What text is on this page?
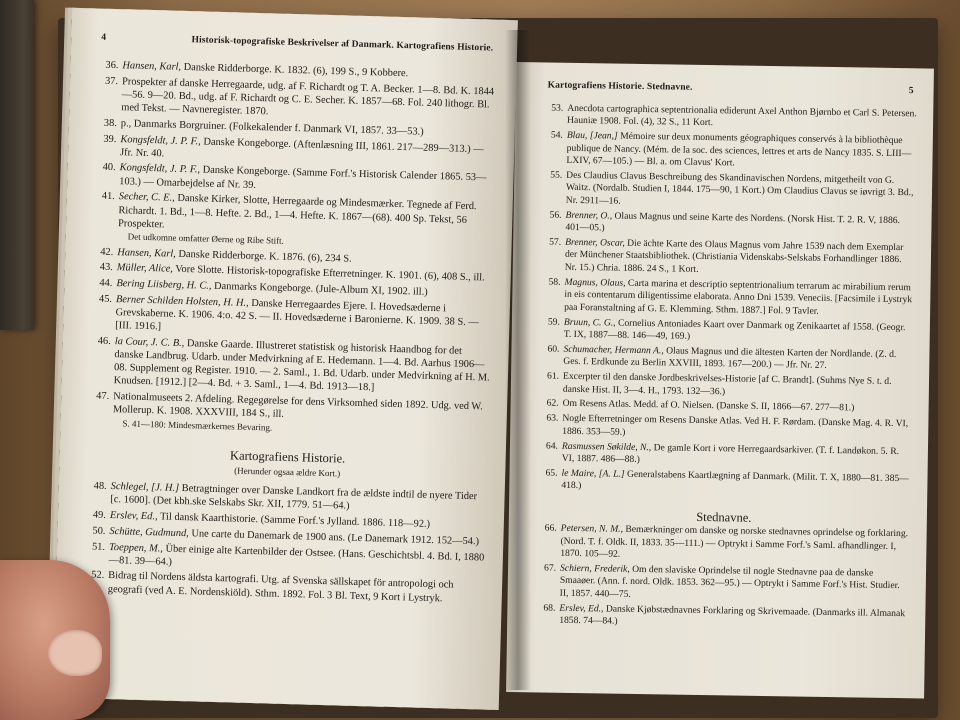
4	Historisk-topografiske Beskrivelser af Danmark. Kartografiens Historie.
36. Hansen, Karl, Danske Ridderborge. K. 1832. (6), 199 S., 9 Kobbere.
37. Prospekter af danske Herregaarde, udg. af F. Richardt og T. A. Becker. 1—8. Bd. K. 1844—56. 9—20. Bd., udg. af F. Richardt og C. E. Secher. K. 1857—68. Fol. 240 lithogr. Bl. med Tekst. — Navneregister. 1870.
38. p., Danmarks Borgruiner. (Folkekalender f. Danmark VI, 1857. 33—53.)
39. Kongsfeldt, J. P. F., Danske Kongeborge. (Aftenlæsning III, 1861. 217—289—313.) — Jfr. Nr. 40.
40. Kongsfeldt, J. P. F., Danske Kongeborge. (Samme Forf.'s Historisk Calender 1865. 53—103.) — Omarbejdelse af Nr. 39.
41. Secher, C. E., Danske Kirker, Slotte, Herregaarde og Mindesmærker. Tegnede af Ferd. Richardt. 1. Bd., 1—8. Hefte. 2. Bd., 1—4. Hefte. K. 1867—(68). 400 Sp. Tekst, 56 Prospekter.
Det udkomne omfatter Øerne og Ribe Stift.
42. Hansen, Karl, Danske Ridderborge. K. 1876. (6), 234 S.
43. Müller, Alice, Vore Slotte. Historisk-topografiske Efterretninger. K. 1901. (6), 408 S., ill.
44. Bering Liisberg, H. C., Danmarks Kongeborge. (Jule-Album XI, 1902. ill.)
45. Berner Schilden Holsten, H. H., Danske Herregaardes Ejere. I. Hovedsæderne i Grevskaberne. K. 1906. 4:o. 42 S. — II. Hovedsæderne i Baronierne. K. 1909. 38 S. — [III. 1916.]
46. la Cour, J. C. B., Danske Gaarde. Illustreret statistisk og historisk Haandbog for det danske Landbrug. Udarb. under Medvirkning af E. Hedemann. 1—4. Bd. Aarhus 1906—08. Supplement og Register. 1910. — 2. Saml., 1. Bd. Udarb. under Medvirkning af H. M. Knudsen. [1912.] [2—4. Bd. + 3. Saml., 1—4. Bd. 1913—18.]
47. Nationalmuseets 2. Afdeling. Regegørelse for dens Virksomhed siden 1892. Udg. ved W. Mollerup. K. 1908. XXXVIII, 184 S., ill.
S. 41—180: Mindesmærkernes Bevaring.
Kartografiens Historie.
(Herunder ogsaa ældre Kort.)
48. Schlegel, [J. H.] Betragtninger over Danske Landkort fra de ældste indtil de nyere Tider [c. 1600]. (Det kbh.ske Selskabs Skr. XII, 1779. 51—64.)
49. Erslev, Ed., Til dansk Kaarthistorie. (Samme Forf.'s Jylland. 1886. 118—92.)
50. Schütte, Gudmund, Une carte du Danemark de 1900 ans. (Le Danemark 1912. 152—54.)
51. Toeppen, M., Über einige alte Kartenbilder der Ostsee. (Hans. Geschichtsbl. 4. Bd. I, 1880—81. 39—64.)
52. Bidrag til Nordens äldsta kartografi. Utg. af Svenska sällskapet för antropologi och geografi (ved A. E. Nordenskiöld). Sthm. 1892. Fol. 3 Bl. Text, 9 Kort i Lystryk.
Kartografiens Historie. Stednavne.	5
53. Anecdota cartographica septentrionalia ediderunt Axel Anthon Bjørnbo et Carl S. Petersen. Hauniæ 1908. Fol. (4), 32 S., 11 Kort.
54. Blau, [Jean,] Mémoire sur deux monuments géographiques conservés à la bibliothèque publique de Nancy. (Mém. de la soc. des sciences, lettres et arts de Nancy 1835. S. LIII—LXIV, 67—105.) — Bl. a. om Clavus' Kort.
55. Des Claudius Clavus Beschreibung des Skandinavischen Nordens, mitgetheilt von G. Waitz. (Nordalb. Studien I, 1844. 175—90, 1 Kort.) Om Claudius Clavus se iøvrigt 3. Bd., Nr. 2911—16.
56. Brenner, O., Olaus Magnus und seine Karte des Nordens. (Norsk Hist. T. 2. R. V, 1886. 401—05.)
57. Brenner, Oscar, Die ächte Karte des Olaus Magnus vom Jahre 1539 nach dem Exemplar der Münchener Staatsbibliothek. (Christiania Videnskabs-Selskabs Forhandlinger 1886. Nr. 15.) Chria. 1886. 24 S., 1 Kort.
58. Magnus, Olaus, Carta marina et descriptio septentrionalium terrarum ac mirabilium rerum in eis contentarum diligentissime elaborata. Anno Dni 1539. Veneciis. [Facsimile i Lystryk paa Foranstaltning af G. E. Klemming. Sthm. 1887.] Fol. 9 Tavler.
59. Bruun, C. G., Cornelius Antoniades Kaart over Danmark og Zenikaartet af 1558. (Geogr. T. IX, 1887—88. 146—49, 169.)
60. Schumacher, Hermann A., Olaus Magnus und die ältesten Karten der Nordlande. (Z. d. Ges. f. Erdkunde zu Berlin XXVIII, 1893. 167—200.) — Jfr. Nr. 27.
61. Excerpter til den danske Jordbeskrivelses-Historie [af C. Brandt]. (Suhms Nye S. t. d. danske Hist. II, 3—4. H., 1793. 132—36.)
62. Om Resens Atlas. Medd. af O. Nielsen. (Danske S. II, 1866—67. 277—81.)
63. Nogle Efterretninger om Resens Danske Atlas. Ved H. F. Rørdam. (Danske Mag. 4. R. VI, 1886. 353—59.)
64. Rasmussen Søkilde, N., De gamle Kort i vore Herregaardsarkiver. (T. f. Landøkon. 5. R. VI, 1887. 486—88.)
65. le Maire, [A. L.] Generalstabens Kaartlægning af Danmark. (Milit. T. X, 1880—81. 385—418.)
Stednavne.
66. Petersen, N. M., Bemærkninger om danske og norske stednavnes oprindelse og forklaring. (Nord. T. f. Oldk. II, 1833. 35—111.) — Optrykt i Samme Forf.'s Saml. afhandlinger. I, 1870. 105—92.
67. Schiern, Frederik, Om den slaviske Oprindelse til nogle Stednavne paa de danske Smaaøer. (Ann. f. nord. Oldk. 1853. 362—95.) — Optrykt i Samme Forf.'s Hist. Studier. II, 1857. 440—75.
68. Erslev, Ed., Danske Kjøbstædnavnes Forklaring og Skrivemaade. (Danmarks ill. Almanak 1858. 74—84.)
